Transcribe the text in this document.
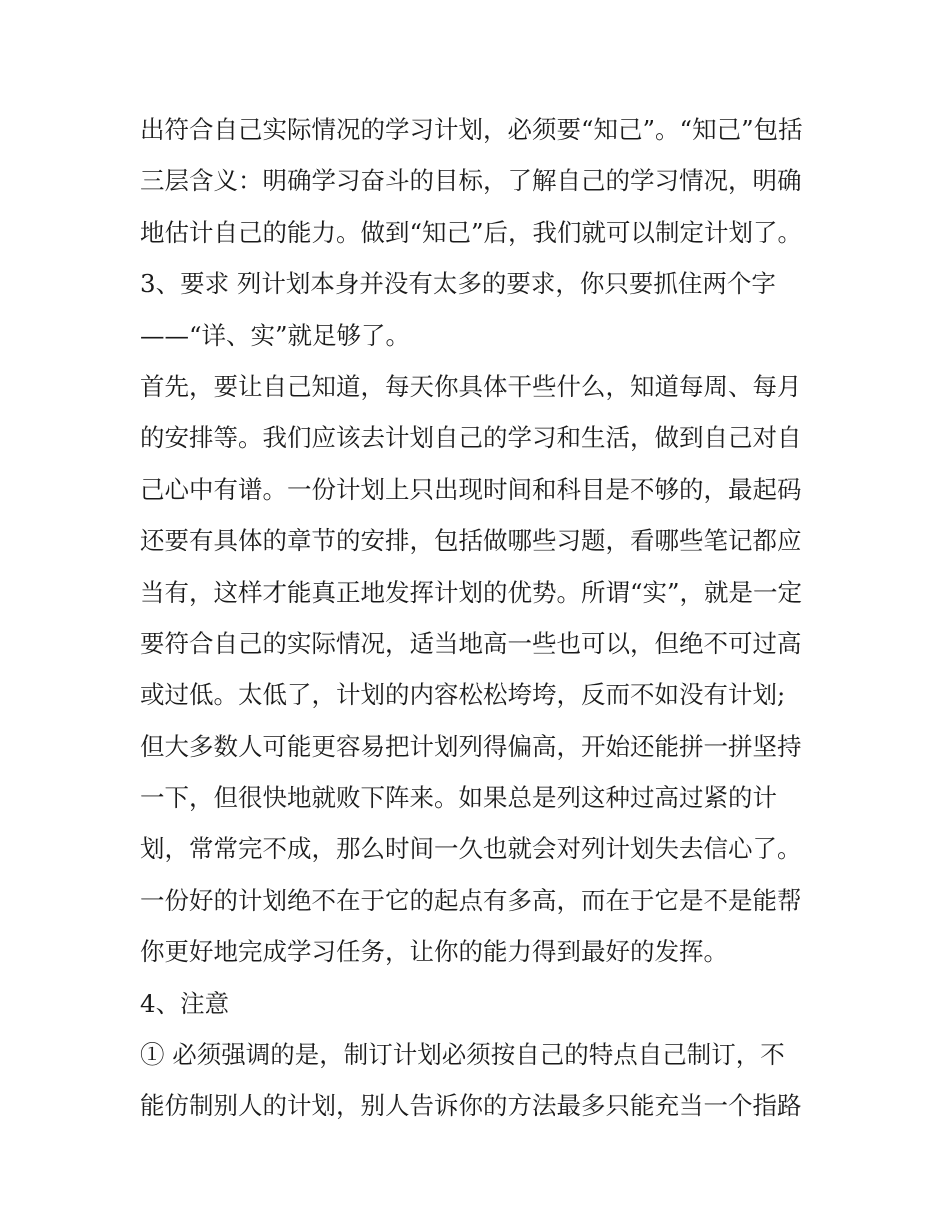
出符合自己实际情况的学习计划，必须要“知己”。“知己”包括
三层含义：明确学习奋斗的目标，了解自己的学习情况，明确
地估计自己的能力。做到“知己”后，我们就可以制定计划了。
3、要求 列计划本身并没有太多的要求，你只要抓住两个字
——“详、实”就足够了。
首先，要让自己知道，每天你具体干些什么，知道每周、每月
的安排等。我们应该去计划自己的学习和生活，做到自己对自
己心中有谱。一份计划上只出现时间和科目是不够的，最起码
还要有具体的章节的安排，包括做哪些习题，看哪些笔记都应
当有，这样才能真正地发挥计划的优势。所谓“实”，就是一定
要符合自己的实际情况，适当地高一些也可以，但绝不可过高
或过低。太低了，计划的内容松松垮垮，反而不如没有计划;
但大多数人可能更容易把计划列得偏高，开始还能拼一拼坚持
一下，但很快地就败下阵来。如果总是列这种过高过紧的计
划，常常完不成，那么时间一久也就会对列计划失去信心了。
一份好的计划绝不在于它的起点有多高，而在于它是不是能帮
你更好地完成学习任务，让你的能力得到最好的发挥。
4、注意
① 必须强调的是，制订计划必须按自己的特点自己制订，不
能仿制别人的计划，别人告诉你的方法最多只能充当一个指路
